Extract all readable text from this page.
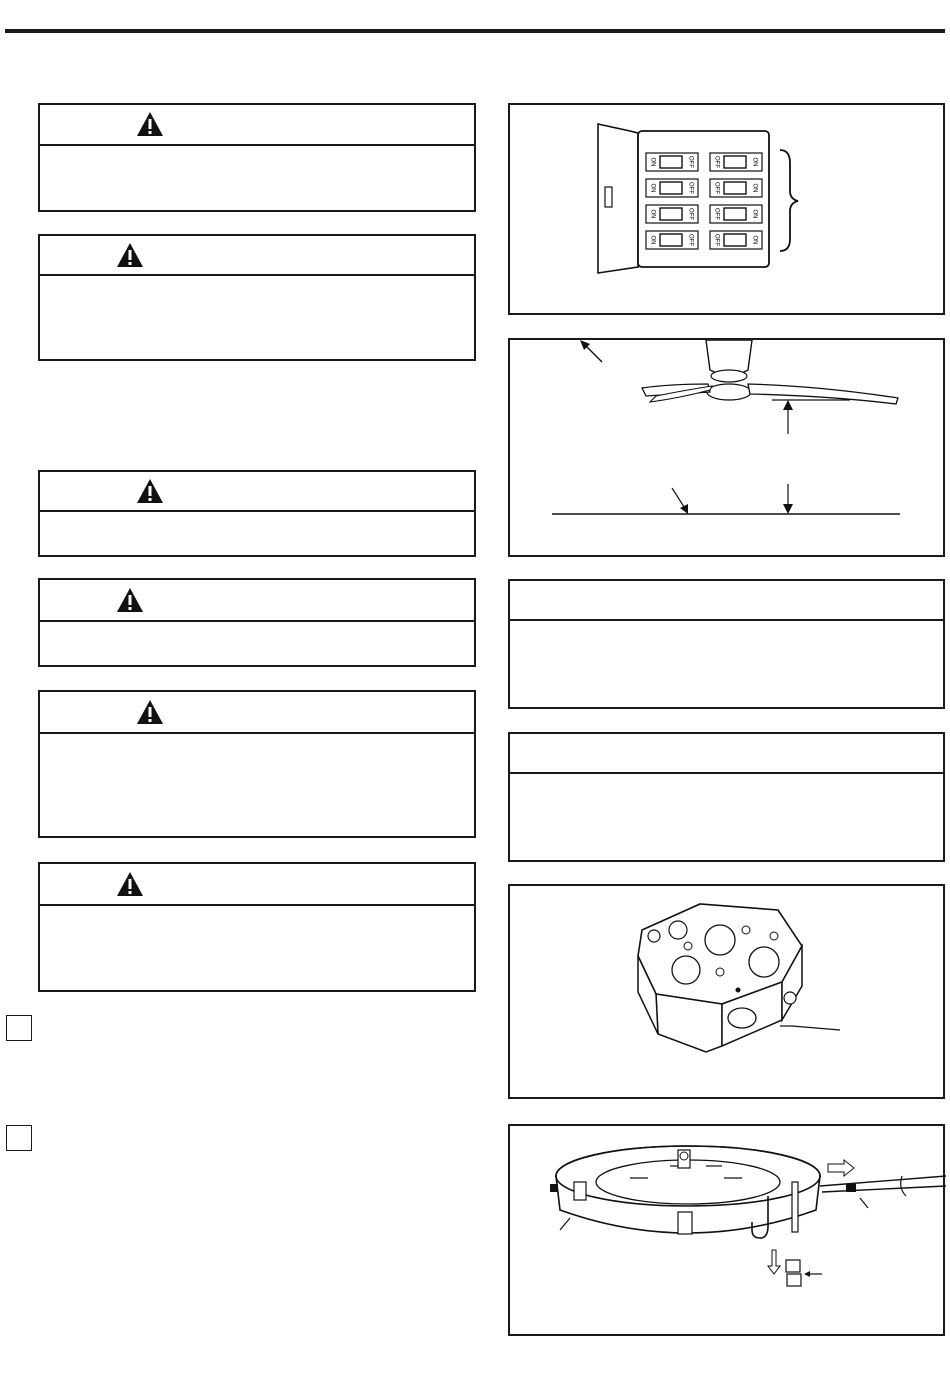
ON	OFF	OFF	ON
ON	OFF	OFF	ON
ON	OFF	OFF	ON
ON	OFF	OFF	ON
